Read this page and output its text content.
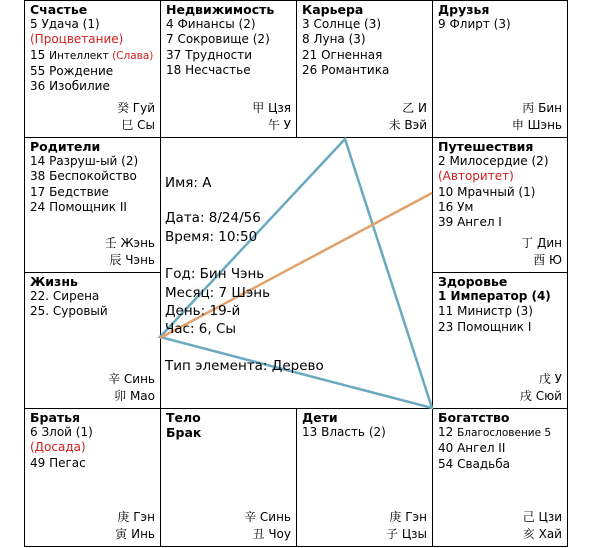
Счастье
5 Удача (1)
(Процветание)
15 Интеллект (Слава)
55 Рождение
36 Изобилие
癸 Гуй
巳 Сы
Недвижимость
4 Финансы (2)
7 Сокровище (2)
37 Трудности
18 Несчастье
甲 Цзя
午 У
Карьера
3 Солнце (3)
8 Луна (3)
21 Огненная
26 Романтика
乙 И
未 Вэй
Друзья
9 Флирт (3)
丙 Бин
申 Шэнь
Родители
14 Разруш-ый (2)
38 Беспокойство
17 Бедствие
24 Помощник II
壬 Жэнь
辰 Чэнь
Путешествия
2 Милосердие (2)
(Авторитет)
10 Мрачный (1)
16 Ум
39 Ангел I
丁 Дин
酉 Ю
Жизнь
22. Сирена
25. Суровый
辛 Синь
卯 Мао
Здоровье
1 Император (4)
11 Министр (3)
23 Помощник I
戊 У
戌 Сюй
Братья
6 Злой (1)
(Досада)
49 Пегас
庚 Гэн
寅 Инь
Тело
Брак
辛 Синь
丑 Чоу
Дети
13 Власть (2)
庚 Гэн
子 Цзы
Богатство
12 Благословение 5
40 Ангел II
54 Свадьба
己 Цзи
亥 Хай
Имя: А
Дата: 8/24/56
Время: 10:50
Год: Бин Чэнь
Месяц: 7 Шэнь
День: 19-й
Час: 6, Сы
Тип элемента: Дерево
